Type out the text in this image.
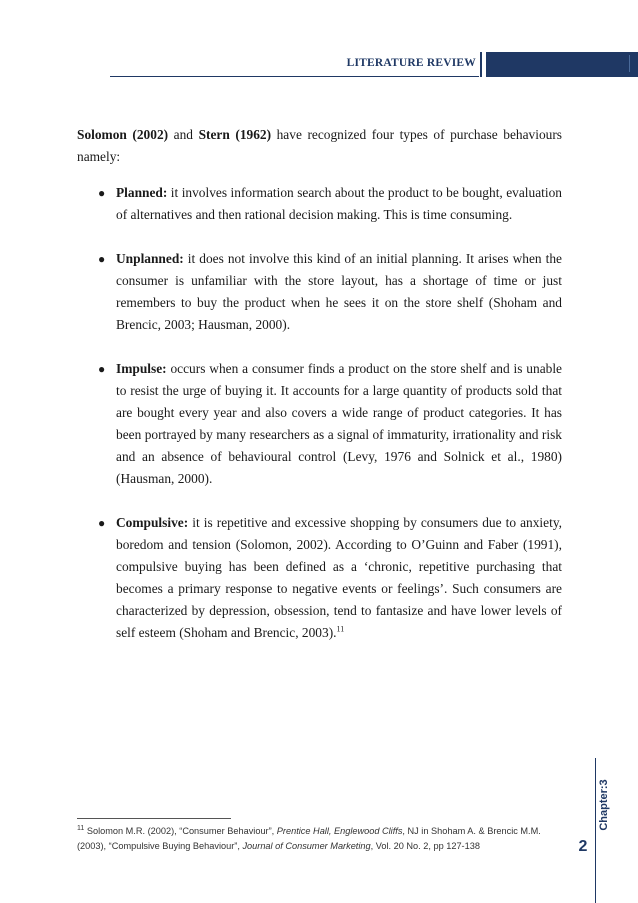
LITERATURE REVIEW

Solomon (2002) and Stern (1962) have recognized four types of purchase behaviours namely:

● Planned: it involves information search about the product to be bought, evaluation of alternatives and then rational decision making. This is time consuming.
● Unplanned: it does not involve this kind of an initial planning. It arises when the consumer is unfamiliar with the store layout, has a shortage of time or just remembers to buy the product when he sees it on the store shelf (Shoham and Brencic, 2003; Hausman, 2000).
● Impulse: occurs when a consumer finds a product on the store shelf and is unable to resist the urge of buying it. It accounts for a large quantity of products sold that are bought every year and also covers a wide range of product categories. It has been portrayed by many researchers as a signal of immaturity, irrationality and risk and an absence of behavioural control (Levy, 1976 and Solnick et al., 1980) (Hausman, 2000).
● Compulsive: it is repetitive and excessive shopping by consumers due to anxiety, boredom and tension (Solomon, 2002). According to O’Guinn and Faber (1991), compulsive buying has been defined as a ‘chronic, repetitive purchasing that becomes a primary response to negative events or feelings’. Such consumers are characterized by depression, obsession, tend to fantasize and have lower levels of self esteem (Shoham and Brencic, 2003).$^{11}$
Chapter:3
2
$^{11}$ Solomon M.R. (2002), “Consumer Behaviour”, Prentice Hall, Englewood Cliffs, NJ in Shoham A. & Brencic M.M. (2003), “Compulsive Buying Behaviour”, Journal of Consumer Marketing, Vol. 20 No. 2, pp 127-138
